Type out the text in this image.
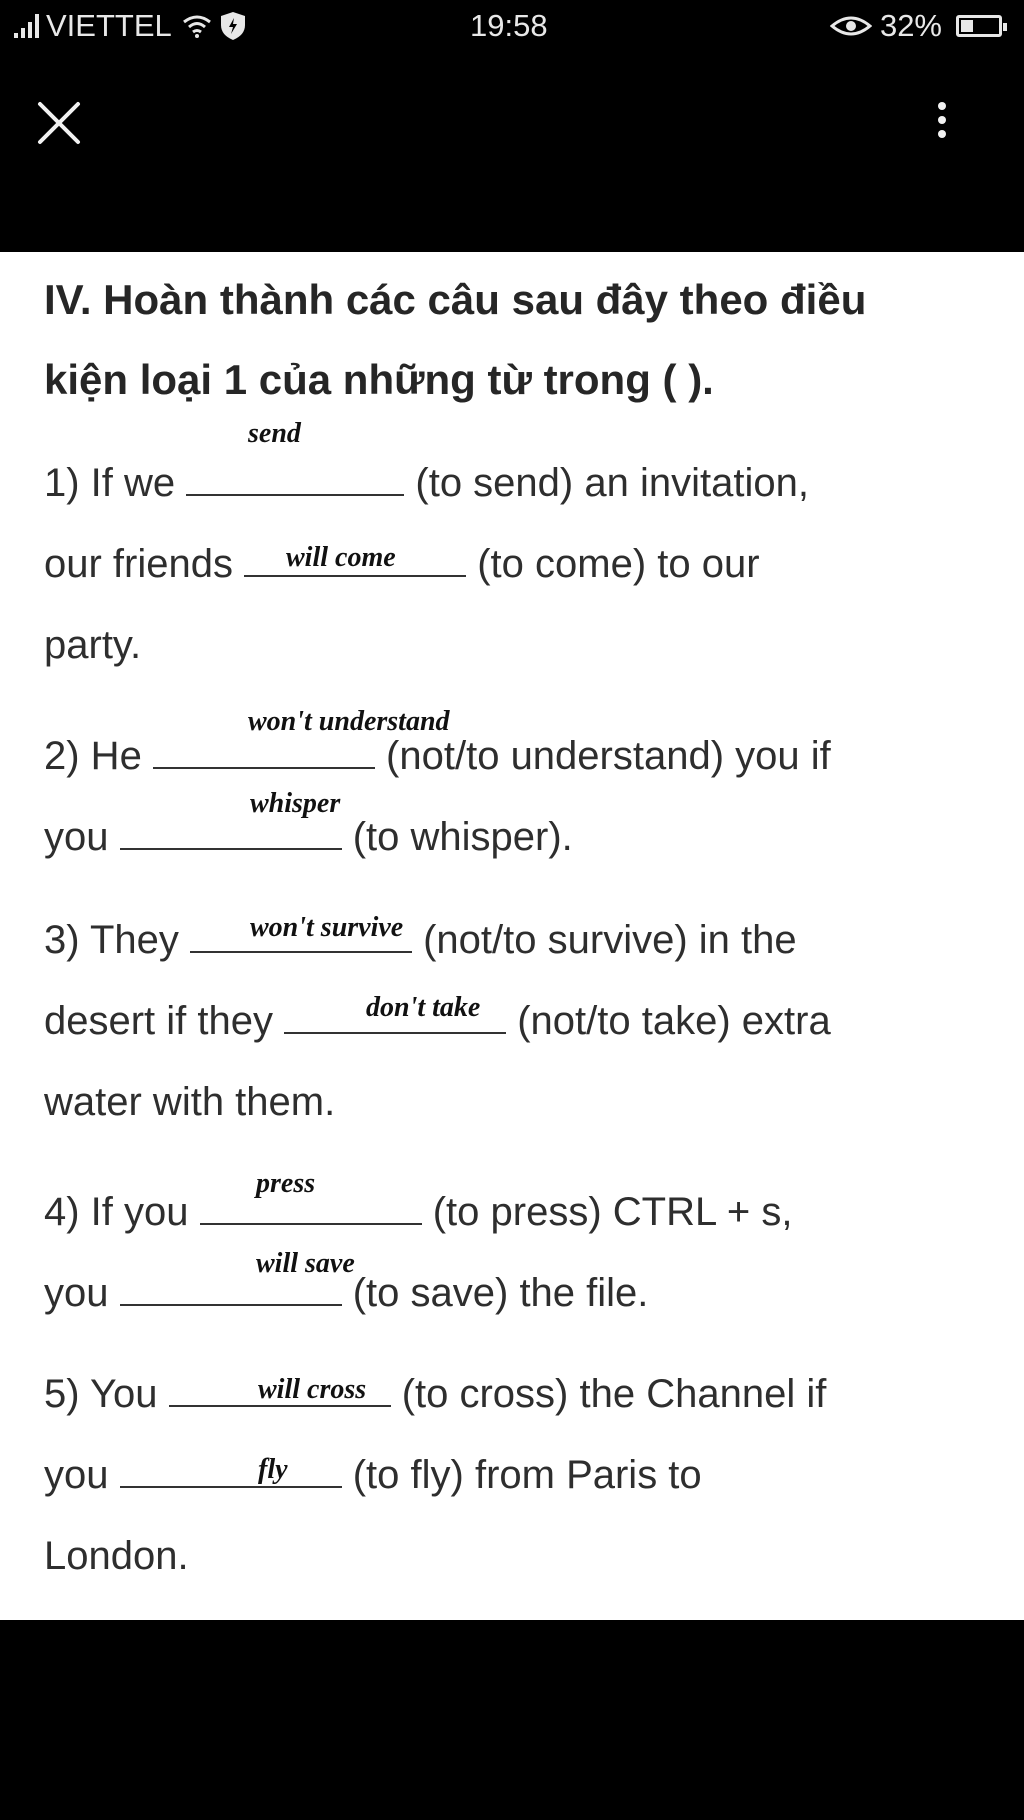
VIETTEL	19:58	32%
IV. Hoàn thành các câu sau đây theo điều
kiện loại 1 của những từ trong ( ).
send
1) If we	(to send) an invitation,
will come
our friends	(to come) to our
party.
won't understand
2) He	(not/to understand) you if
whisper
you	(to whisper).
won't survive
3) They	(not/to survive) in the
don't take
desert if they	(not/to take) extra
water with them.
press
4) If you	(to press) CTRL + s,
will save
you	(to save) the file.
will cross
5) You	(to cross) the Channel if
fly
you	(to fly) from Paris to
London.
